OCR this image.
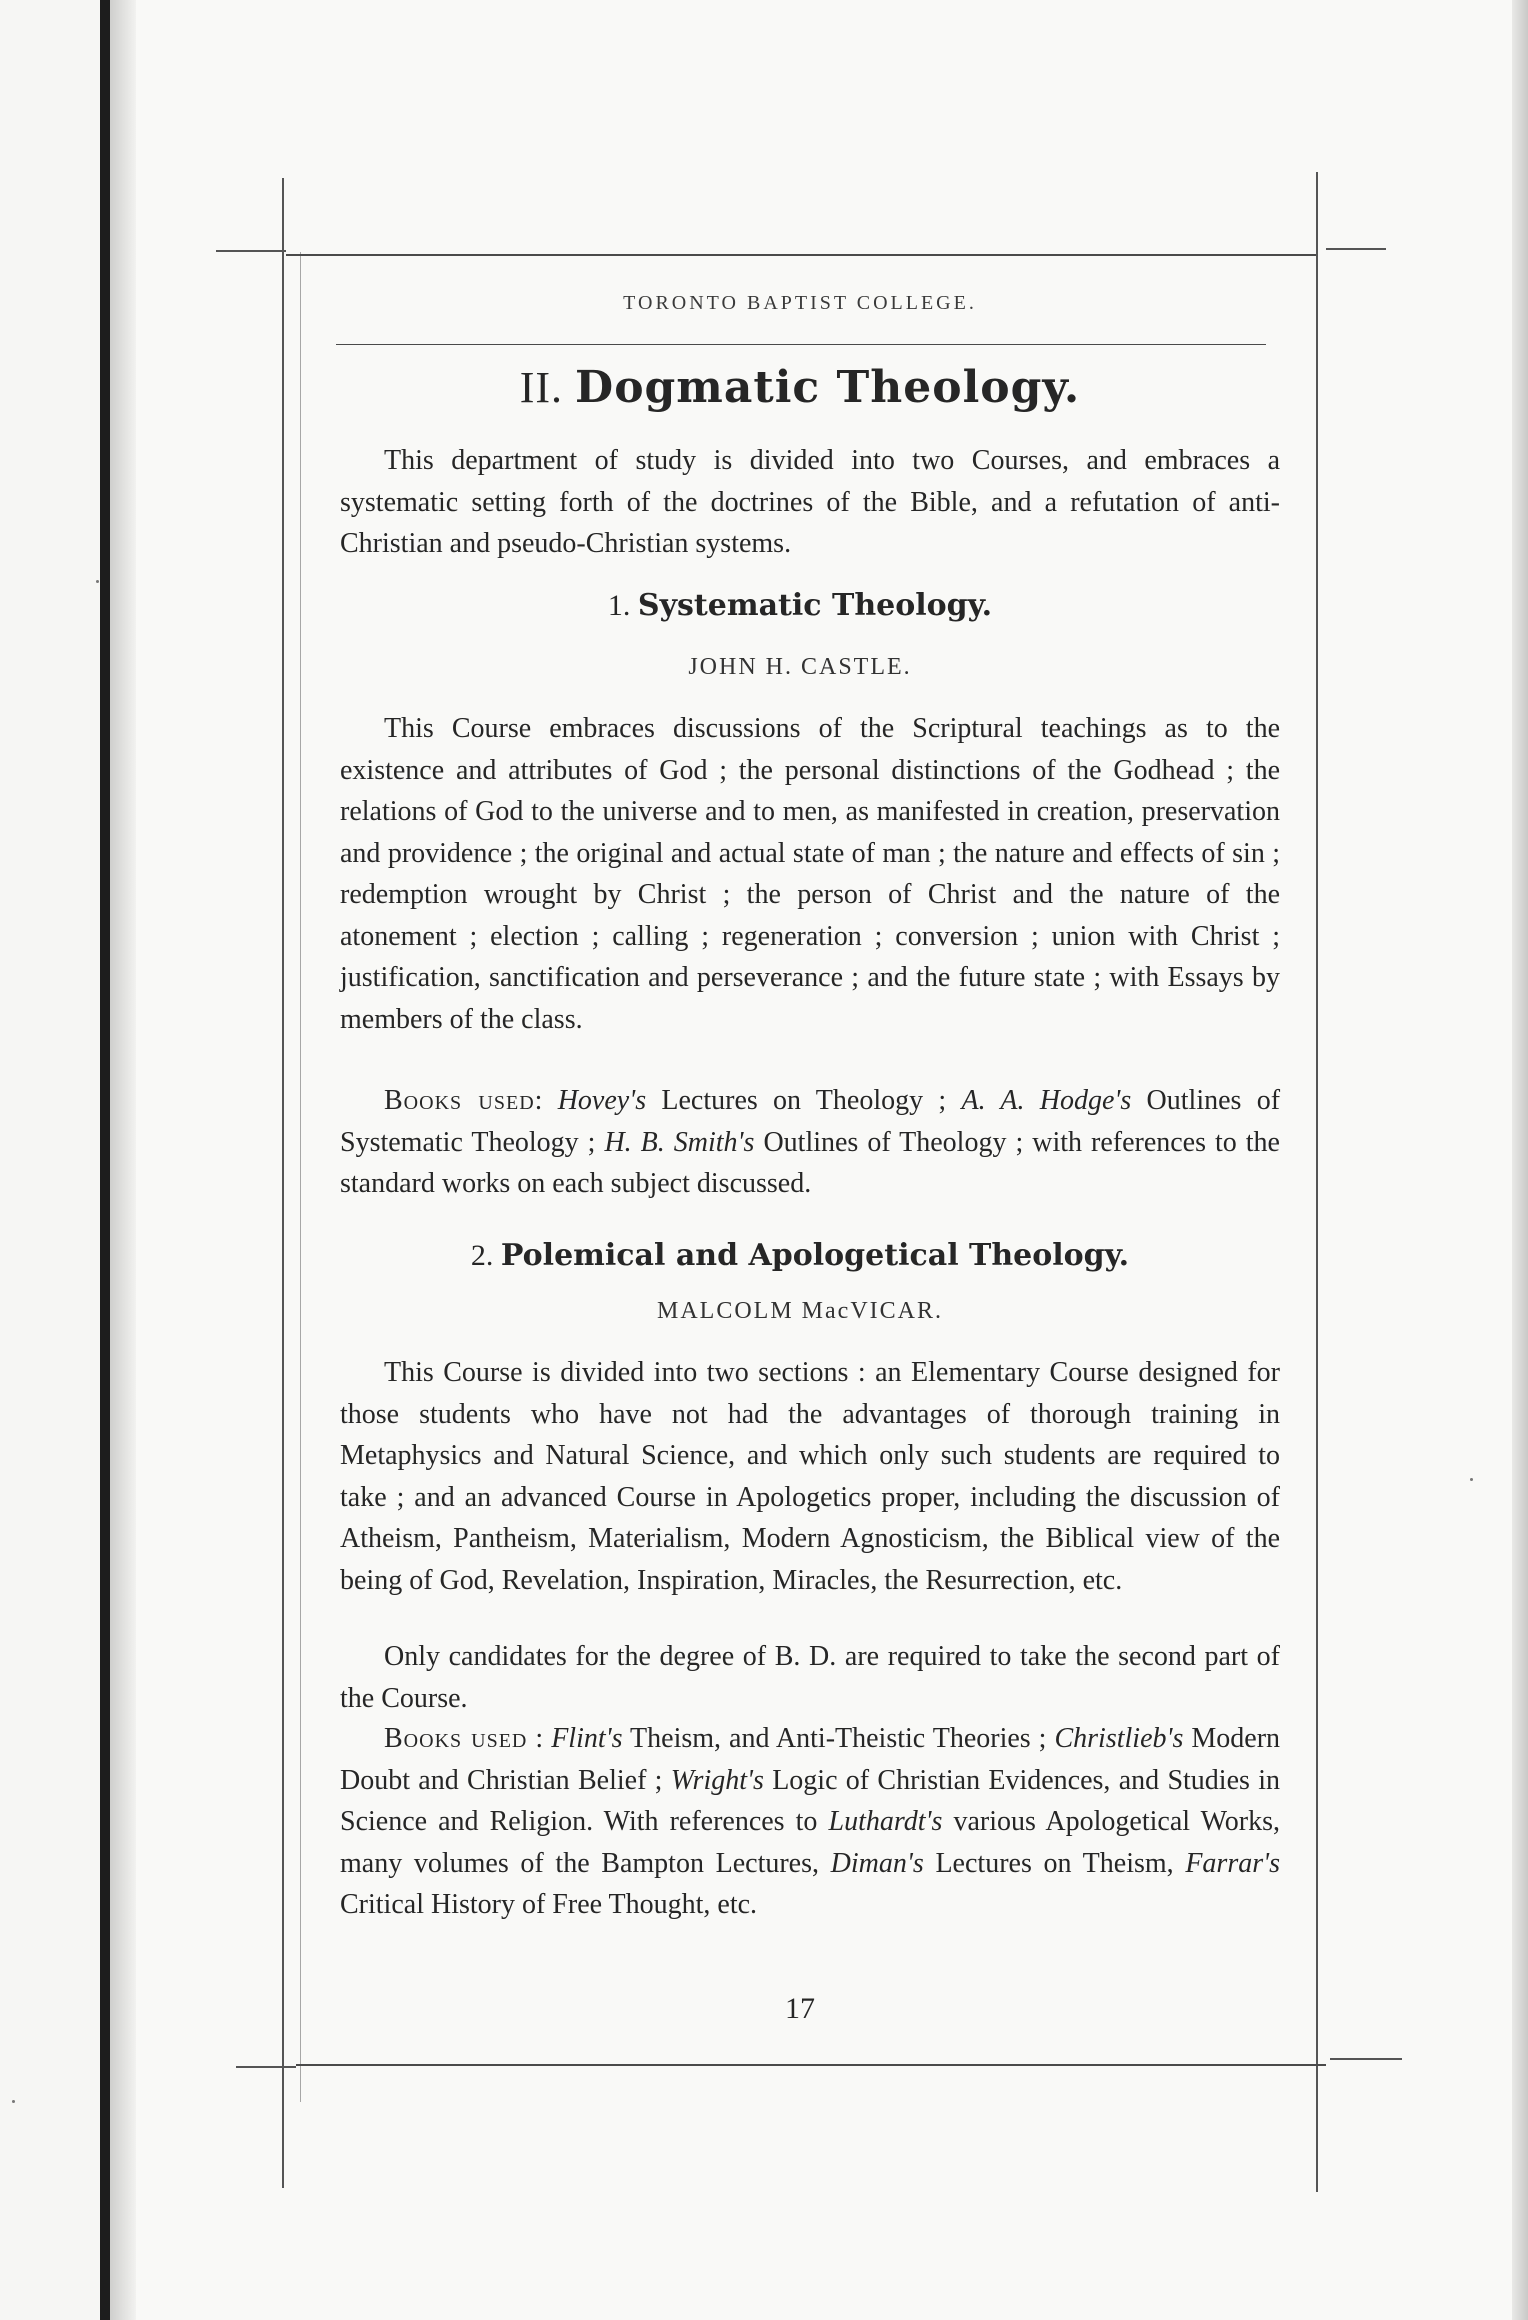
TORONTO BAPTIST COLLEGE.
II. Dogmatic Theology.
This department of study is divided into two Courses, and embraces a systematic setting forth of the doctrines of the Bible, and a refutation of anti-Christian and pseudo-Christian systems.
1. Systematic Theology.
JOHN H. CASTLE.
This Course embraces discussions of the Scriptural teachings as to the existence and attributes of God ; the personal distinctions of the Godhead ; the relations of God to the universe and to men, as manifested in creation, preservation and providence ; the original and actual state of man ; the nature and effects of sin ; redemption wrought by Christ ; the person of Christ and the nature of the atonement ; election ; calling ; regeneration ; conversion ; union with Christ ; justification, sanctification and perseverance ; and the future state ; with Essays by members of the class.
Books used: Hovey's Lectures on Theology ; A. A. Hodge's Outlines of Systematic Theology ; H. B. Smith's Outlines of Theology ; with references to the standard works on each subject discussed.
2. Polemical and Apologetical Theology.
MALCOLM MacVICAR.
This Course is divided into two sections : an Elementary Course designed for those students who have not had the advantages of thorough training in Metaphysics and Natural Science, and which only such students are required to take ; and an advanced Course in Apologetics proper, including the discussion of Atheism, Pantheism, Materialism, Modern Agnosticism, the Biblical view of the being of God, Revelation, Inspiration, Miracles, the Resurrection, etc.
Only candidates for the degree of B. D. are required to take the second part of the Course.
Books used : Flint's Theism, and Anti-Theistic Theories ; Christlieb's Modern Doubt and Christian Belief ; Wright's Logic of Christian Evidences, and Studies in Science and Religion. With references to Luthardt's various Apologetical Works, many volumes of the Bampton Lectures, Diman's Lectures on Theism, Farrar's Critical History of Free Thought, etc.
17
